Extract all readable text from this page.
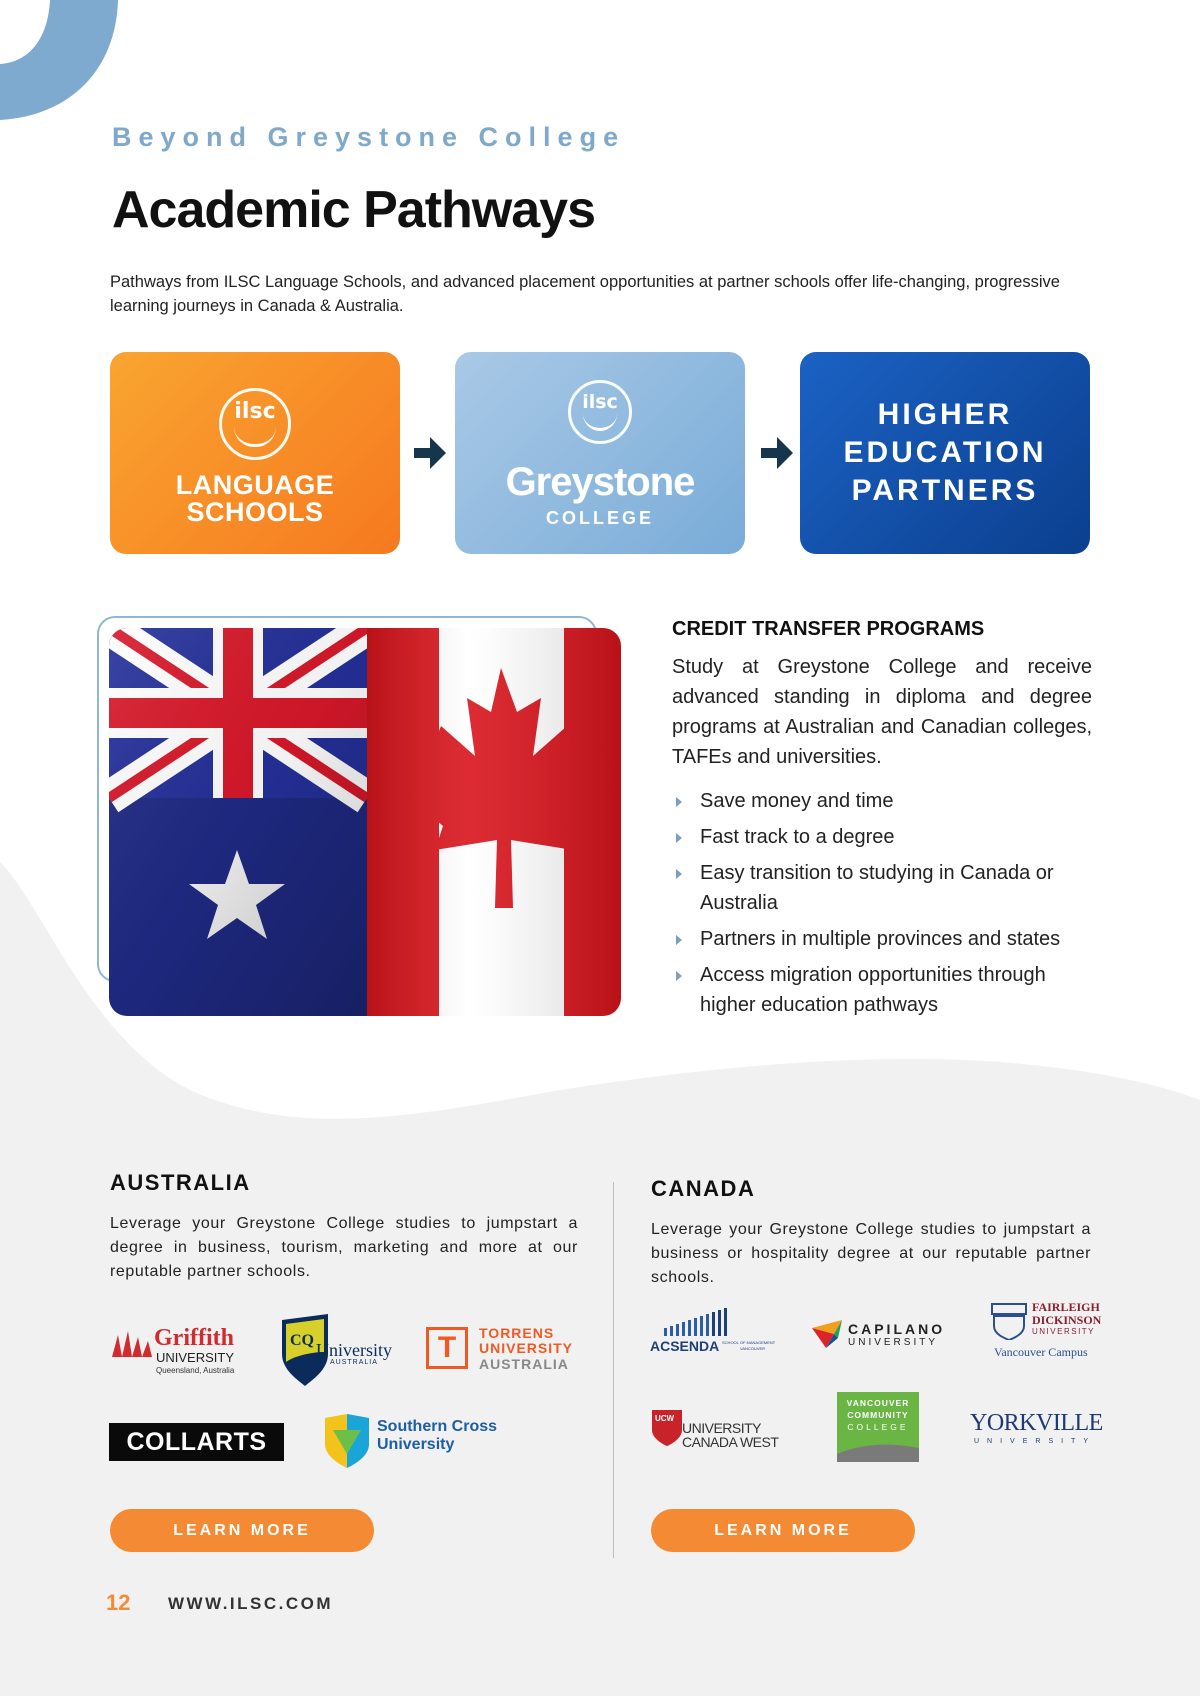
Beyond Greystone College
Academic Pathways

Pathways from ILSC Language Schools, and advanced placement opportunities at partner schools offer life-changing, progressive learning journeys in Canada & Australia.

ilsc
LANGUAGE
SCHOOLS
ilsc
Greystone
COLLEGE
HIGHER
EDUCATION
PARTNERS
CREDIT TRANSFER PROGRAMS

Study at Greystone College and receive advanced standing in diploma and degree programs at Australian and Canadian colleges, TAFEs and universities.

Save money and time
Fast track to a degree
Easy transition to studying in Canada or Australia
Partners in multiple provinces and states
Access migration opportunities through higher education pathways
AUSTRALIA

Leverage your Greystone College studies to jumpstart a degree in business, tourism, marketing and more at our reputable partner schools.

Griffith
UNIVERSITY
Queensland, Australia
CQ University
AUSTRALIA	T	TORRENS
UNIVERSITY
AUSTRALIA
COLLARTS
Southern Cross
University
LEARN MORE
CANADA

Leverage your Greystone College studies to jumpstart a business or hospitality degree at our reputable partner schools.

ACSENDA SCHOOL OF MANAGEMENT
VANCOUVER
CAPILANO
UNIVERSITY
FAIRLEIGH
DICKINSON
UNIVERSITY
Vancouver Campus
UCW
UNIVERSITY
CANADA WEST
VANCOUVER
COMMUNITY
COLLEGE	YORKVILLE
UNIVERSITY
LEARN MORE
12 WWW.ILSC.COM
